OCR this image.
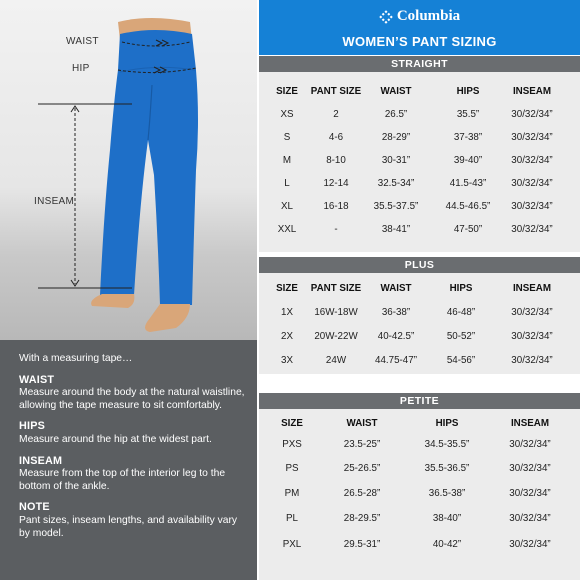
WAIST
HIP
INSEAM
With a measuring tape…
WAIST

Measure around the body at the natural waistline, allowing the tape measure to sit comfortably.

HIPS

Measure around the hip at the widest part.

INSEAM

Measure from the top of the interior leg to the bottom of the ankle.

NOTE

Pant sizes, inseam lengths, and availability vary by model.

Columbia
WOMEN’S PANT SIZING
STRAIGHT
SIZE	PANT SIZE	WAIST	HIPS	INSEAM
XS	2	26.5”	35.5”	30/32/34”
S	4-6	28-29”	37-38”	30/32/34”
M	8-10	30-31”	39-40”	30/32/34”
L	12-14	32.5-34”	41.5-43”	30/32/34”
XL	16-18	35.5-37.5”	44.5-46.5”	30/32/34”
XXL	-	38-41”	47-50”	30/32/34”
PLUS
SIZE	PANT SIZE	WAIST	HIPS	INSEAM
1X	16W-18W	36-38”	46-48”	30/32/34”
2X	20W-22W	40-42.5”	50-52”	30/32/34”
3X	24W	44.75-47”	54-56”	30/32/34”
PETITE
SIZE	WAIST	HIPS	INSEAM
PXS	23.5-25”	34.5-35.5”	30/32/34”
PS	25-26.5”	35.5-36.5”	30/32/34”
PM	26.5-28”	36.5-38”	30/32/34”
PL	28-29.5”	38-40”	30/32/34”
PXL	29.5-31”	40-42”	30/32/34”
